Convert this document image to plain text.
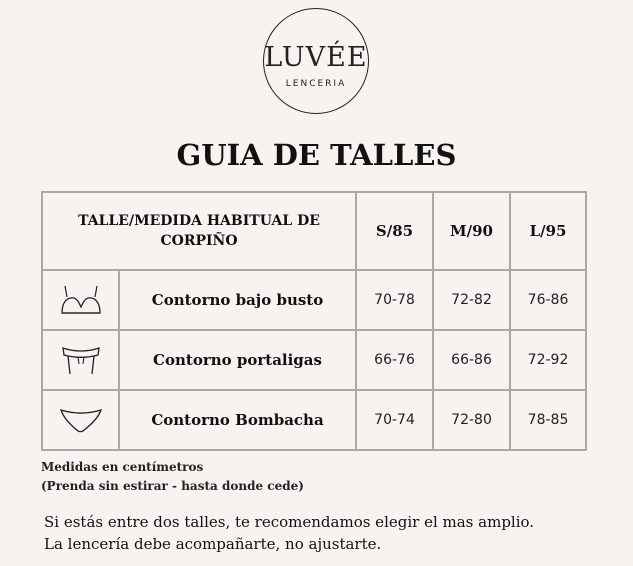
LUVÉE
LENCERIA
GUIA DE TALLES
TALLE/MEDIDA HABITUAL DE CORPIÑO		S/85	M/90	L/95

	Contorno bajo busto	70-78	72-82	76-86

	Contorno portaligas	66-76	66-86	72-92

	Contorno Bombacha	70-74	72-80	78-85
Medidas en centímetros
(Prenda sin estirar - hasta donde cede)
Si estás entre dos talles, te recomendamos elegir el mas amplio.
La lencería debe acompañarte, no ajustarte.
